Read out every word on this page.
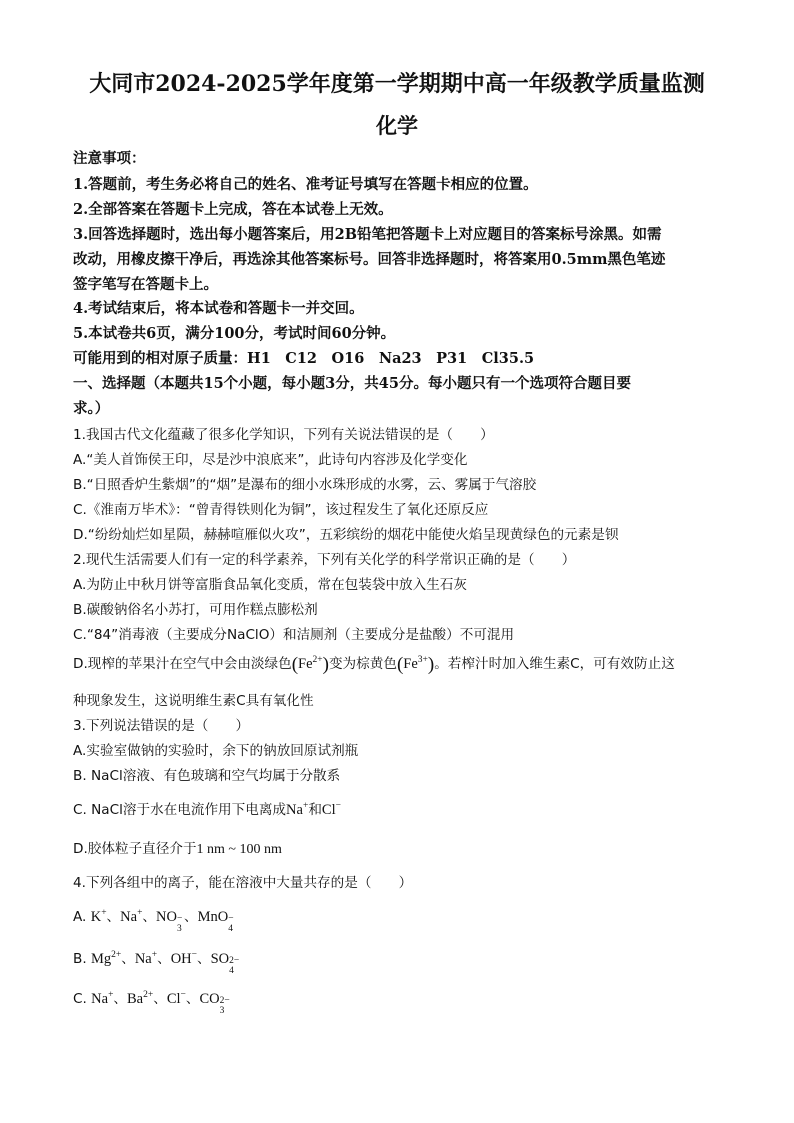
大同市2024-2025学年度第一学期期中高一年级教学质量监测
化学
注意事项：
1.答题前，考生务必将自己的姓名、准考证号填写在答题卡相应的位置。
2.全部答案在答题卡上完成，答在本试卷上无效。
3.回答选择题时，选出每小题答案后，用2B铅笔把答题卡上对应题目的答案标号涂黑。如需
改动，用橡皮擦干净后，再选涂其他答案标号。回答非选择题时，将答案用0.5mm黑色笔迹
签字笔写在答题卡上。
4.考试结束后，将本试卷和答题卡一并交回。
5.本试卷共6页，满分100分，考试时间60分钟。
可能用到的相对原子质量：H1　C12　O16　Na23　P31　Cl35.5
一、选择题（本题共15个小题，每小题3分，共45分。每小题只有一个选项符合题目要
求。）
1.我国古代文化蕴藏了很多化学知识，下列有关说法错误的是（　　）
A.“美人首饰侯王印，尽是沙中浪底来”，此诗句内容涉及化学变化
B.“日照香炉生紫烟”的“烟”是瀑布的细小水珠形成的水雾，云、雾属于气溶胶
C.《淮南万毕术》：“曾青得铁则化为铜”，该过程发生了氧化还原反应
D.“纷纷灿烂如星陨，赫赫喧雁似火攻”，五彩缤纷的烟花中能使火焰呈现黄绿色的元素是钡
2.现代生活需要人们有一定的科学素养，下列有关化学的科学常识正确的是（　　）
A.为防止中秋月饼等富脂食品氧化变质，常在包装袋中放入生石灰
B.碳酸钠俗名小苏打，可用作糕点膨松剂
C.“84”消毒液（主要成分NaClO）和洁厕剂（主要成分是盐酸）不可混用
D.现榨的苹果汁在空气中会由淡绿色$(Fe^{2+})$变为棕黄色$(Fe^{3+})$。若榨汁时加入维生素C，可有效防止这
种现象发生，这说明维生素C具有氧化性
3.下列说法错误的是（　　）
A.实验室做钠的实验时，余下的钠放回原试剂瓶
B. NaCl溶液、有色玻璃和空气均属于分散系
C. NaCl溶于水在电流作用下电离成Na+和Cl−
D.胶体粒子直径介于1 nm ~ 100 nm
4.下列各组中的离子，能在溶液中大量共存的是（　　）
A. K+、Na+、NO −
3
、MnO −
4
B. $Mg^{2+}$、Na+、OH−、SO 2−
4
C. Na+、$Ba^{2+}$、Cl−、CO 2−
3
